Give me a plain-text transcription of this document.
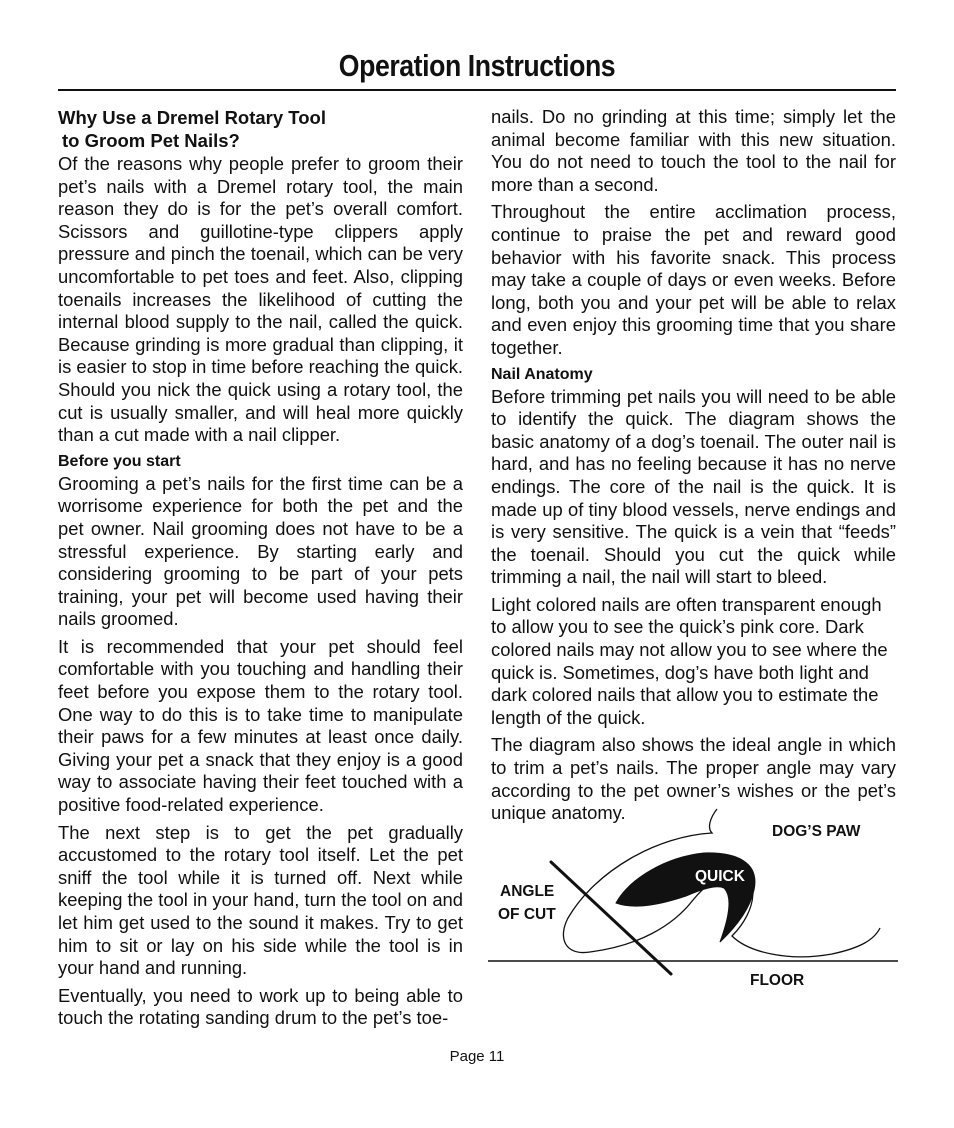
Operation Instructions
Why Use a Dremel Rotary Tool
to Groom Pet Nails?

Of the reasons why people prefer to groom their pet’s nails with a Dremel rotary tool, the main reason they do is for the pet’s overall comfort. Scissors and guillotine-type clippers apply pressure and pinch the toenail, which can be very uncomfortable to pet toes and feet. Also, clipping toenails increases the likelihood of cutting the internal blood supply to the nail, called the quick. Because grinding is more gradual than clipping, it is easier to stop in time before reaching the quick. Should you nick the quick using a rotary tool, the cut is usually smaller, and will heal more quickly than a cut made with a nail clipper.

Before you start

Grooming a pet’s nails for the first time can be a worrisome experience for both the pet and the pet owner. Nail grooming does not have to be a stressful experience. By starting early and considering grooming to be part of your pets training, your pet will become used having their nails groomed.

It is recommended that your pet should feel comfortable with you touching and handling their feet before you expose them to the rotary tool. One way to do this is to take time to manipulate their paws for a few minutes at least once daily. Giving your pet a snack that they enjoy is a good way to associate having their feet touched with a positive food-related experience.

The next step is to get the pet gradually accustomed to the rotary tool itself. Let the pet sniff the tool while it is turned off. Next while keeping the tool in your hand, turn the tool on and let him get used to the sound it makes. Try to get him to sit or lay on his side while the tool is in your hand and running.

Eventually, you need to work up to being able to touch the rotating sanding drum to the pet’s toe-

nails. Do no grinding at this time; simply let the animal become familiar with this new situation. You do not need to touch the tool to the nail for more than a second.

Throughout the entire acclimation process, continue to praise the pet and reward good behavior with his favorite snack. This process may take a couple of days or even weeks. Before long, both you and your pet will be able to relax and even enjoy this grooming time that you share together.

Nail Anatomy

Before trimming pet nails you will need to be able to identify the quick. The diagram shows the basic anatomy of a dog’s toenail. The outer nail is hard, and has no feeling because it has no nerve endings. The core of the nail is the quick. It is made up of tiny blood vessels, nerve endings and is very sensitive. The quick is a vein that “feeds” the toenail. Should you cut the quick while trimming a nail, the nail will start to bleed.

Light colored nails are often transparent enough to allow you to see the quick’s pink core. Dark colored nails may not allow you to see where the quick is. Sometimes, dog’s have both light and dark colored nails that allow you to estimate the length of the quick.

The diagram also shows the ideal angle in which to trim a pet’s nails. The proper angle may vary according to the pet owner’s wishes or the pet’s unique anatomy.

DOG’S PAW
QUICK
ANGLE
OF CUT
FLOOR
Page 11
